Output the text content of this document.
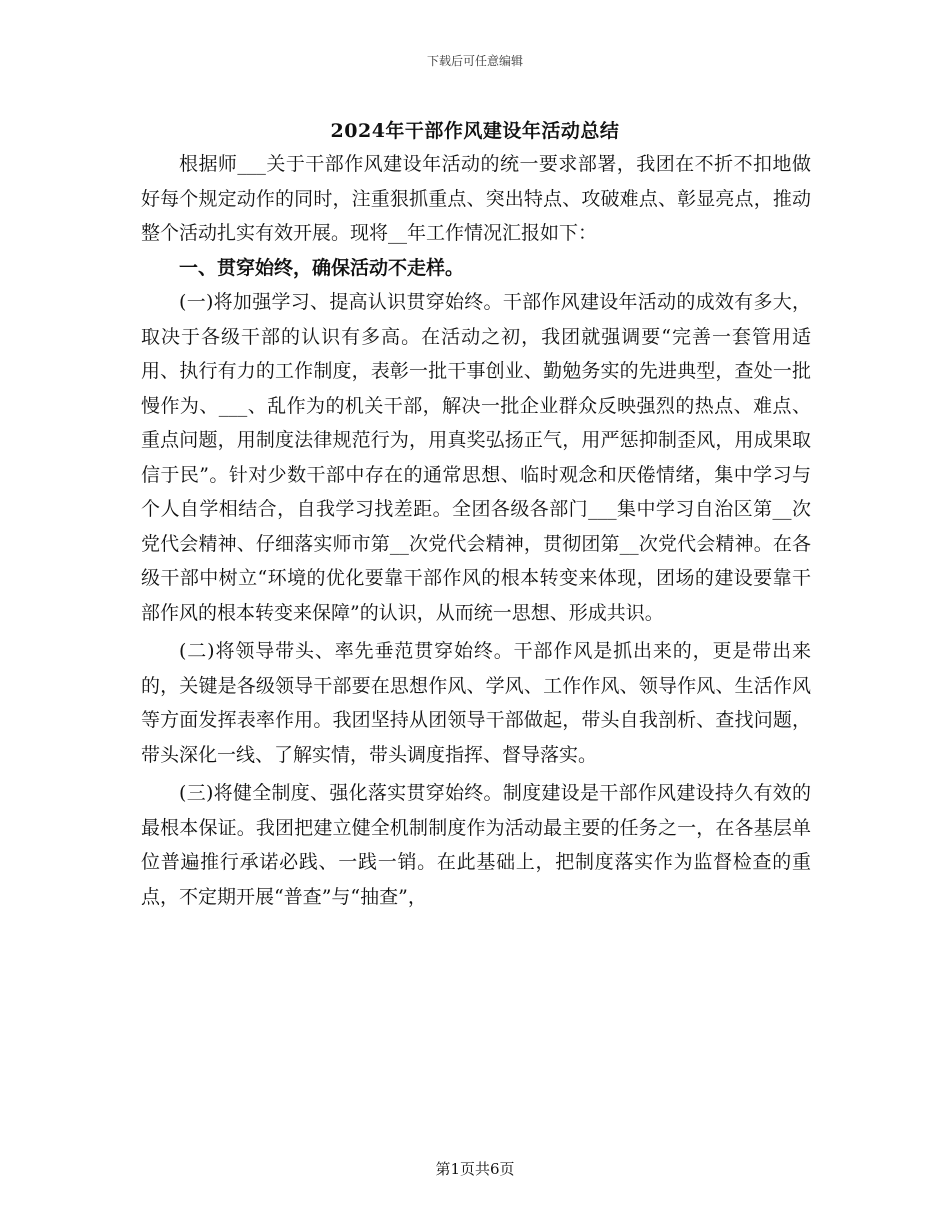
下载后可任意编辑
2024年干部作风建设年活动总结

根据师___关于干部作风建设年活动的统一要求部署，我团在不折不扣地做好每个规定动作的同时，注重狠抓重点、突出特点、攻破难点、彰显亮点，推动整个活动扎实有效开展。现将__年工作情况汇报如下：

一、贯穿始终，确保活动不走样。

(一)将加强学习、提高认识贯穿始终。干部作风建设年活动的成效有多大，取决于各级干部的认识有多高。在活动之初，我团就强调要“完善一套管用适用、执行有力的工作制度，表彰一批干事创业、勤勉务实的先进典型，查处一批慢作为、___、乱作为的机关干部，解决一批企业群众反映强烈的热点、难点、重点问题，用制度法律规范行为，用真奖弘扬正气，用严惩抑制歪风，用成果取信于民”。针对少数干部中存在的通常思想、临时观念和厌倦情绪，集中学习与个人自学相结合，自我学习找差距。全团各级各部门___集中学习自治区第__次党代会精神、仔细落实师市第__次党代会精神，贯彻团第__次党代会精神。在各级干部中树立“环境的优化要靠干部作风的根本转变来体现，团场的建设要靠干部作风的根本转变来保障”的认识，从而统一思想、形成共识。

(二)将领导带头、率先垂范贯穿始终。干部作风是抓出来的，更是带出来的，关键是各级领导干部要在思想作风、学风、工作作风、领导作风、生活作风等方面发挥表率作用。我团坚持从团领导干部做起，带头自我剖析、查找问题，带头深化一线、了解实情，带头调度指挥、督导落实。

(三)将健全制度、强化落实贯穿始终。制度建设是干部作风建设持久有效的最根本保证。我团把建立健全机制制度作为活动最主要的任务之一，在各基层单位普遍推行承诺必践、一践一销。在此基础上，把制度落实作为监督检查的重点，不定期开展“普查”与“抽查”，

第1页共6页
